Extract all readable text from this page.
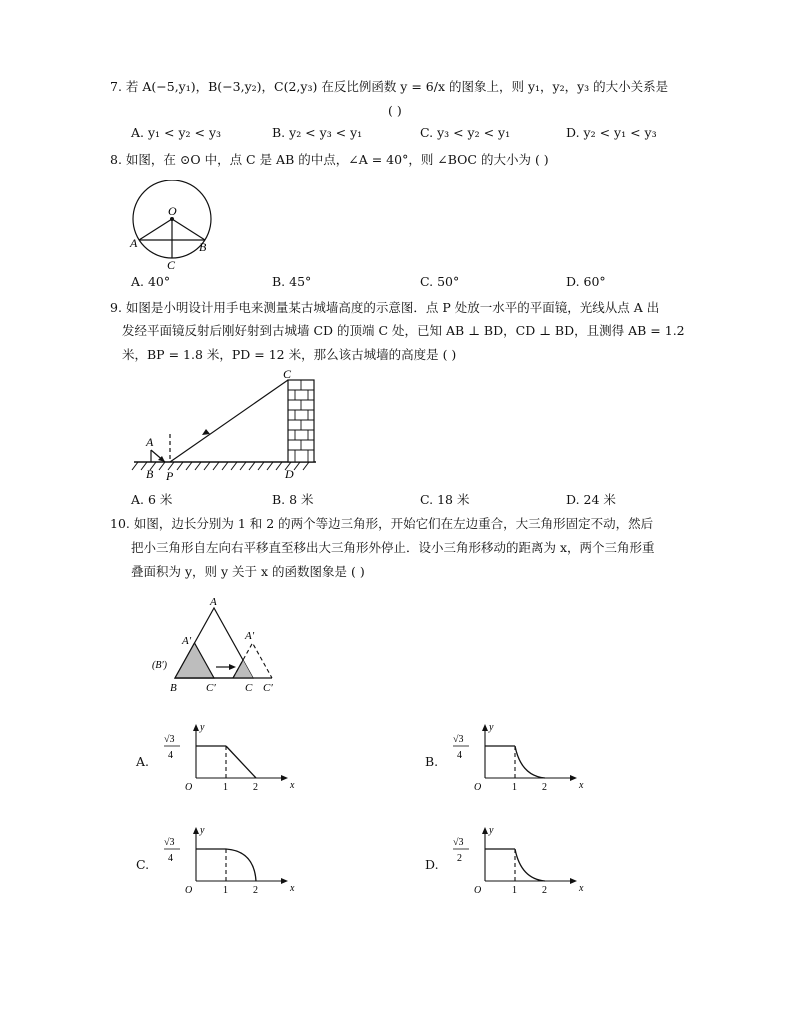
7. 若 A(−5,y₁)，B(−3,y₂)，C(2,y₃) 在反比例函数 y = 6/x 的图象上，则 y₁，y₂，y₃ 的大小关系是
( )
A. y₁ < y₂ < y₃	B. y₂ < y₃ < y₁	C. y₃ < y₂ < y₁	D. y₂ < y₁ < y₃
8. 如图，在 ⊙O 中，点 C 是 AB 的中点，∠A = 40°，则 ∠BOC 的大小为 ( )
O
A	B
C
A. 40°	B. 45°	C. 50°	D. 60°
9. 如图是小明设计用手电来测量某古城墙高度的示意图．点 P 处放一水平的平面镜，光线从点 A 出
发经平面镜反射后刚好射到古城墙 CD 的顶端 C 处，已知 AB ⊥ BD，CD ⊥ BD，且测得 AB = 1.2
米，BP = 1.8 米，PD = 12 米，那么该古城墙的高度是 ( )
C
A
B P	D
A. 6 米	B. 8 米	C. 18 米	D. 24 米
10. 如图，边长分别为 1 和 2 的两个等边三角形，开始它们在左边重合，大三角形固定不动，然后
把小三角形自左向右平移直至移出大三角形外停止．设小三角形移动的距离为 x，两个三角形重
叠面积为 y，则 y 关于 x 的函数图象是 ( )
A
A′	A′
(B′)
B	C′	C C′
A.
√3
4
y
O	1	2	x
B.
√3
4
y
O	1	2	x
C.
√3
4
y
O	1	2	x
D.
√3
2
y
O	1	2	x
